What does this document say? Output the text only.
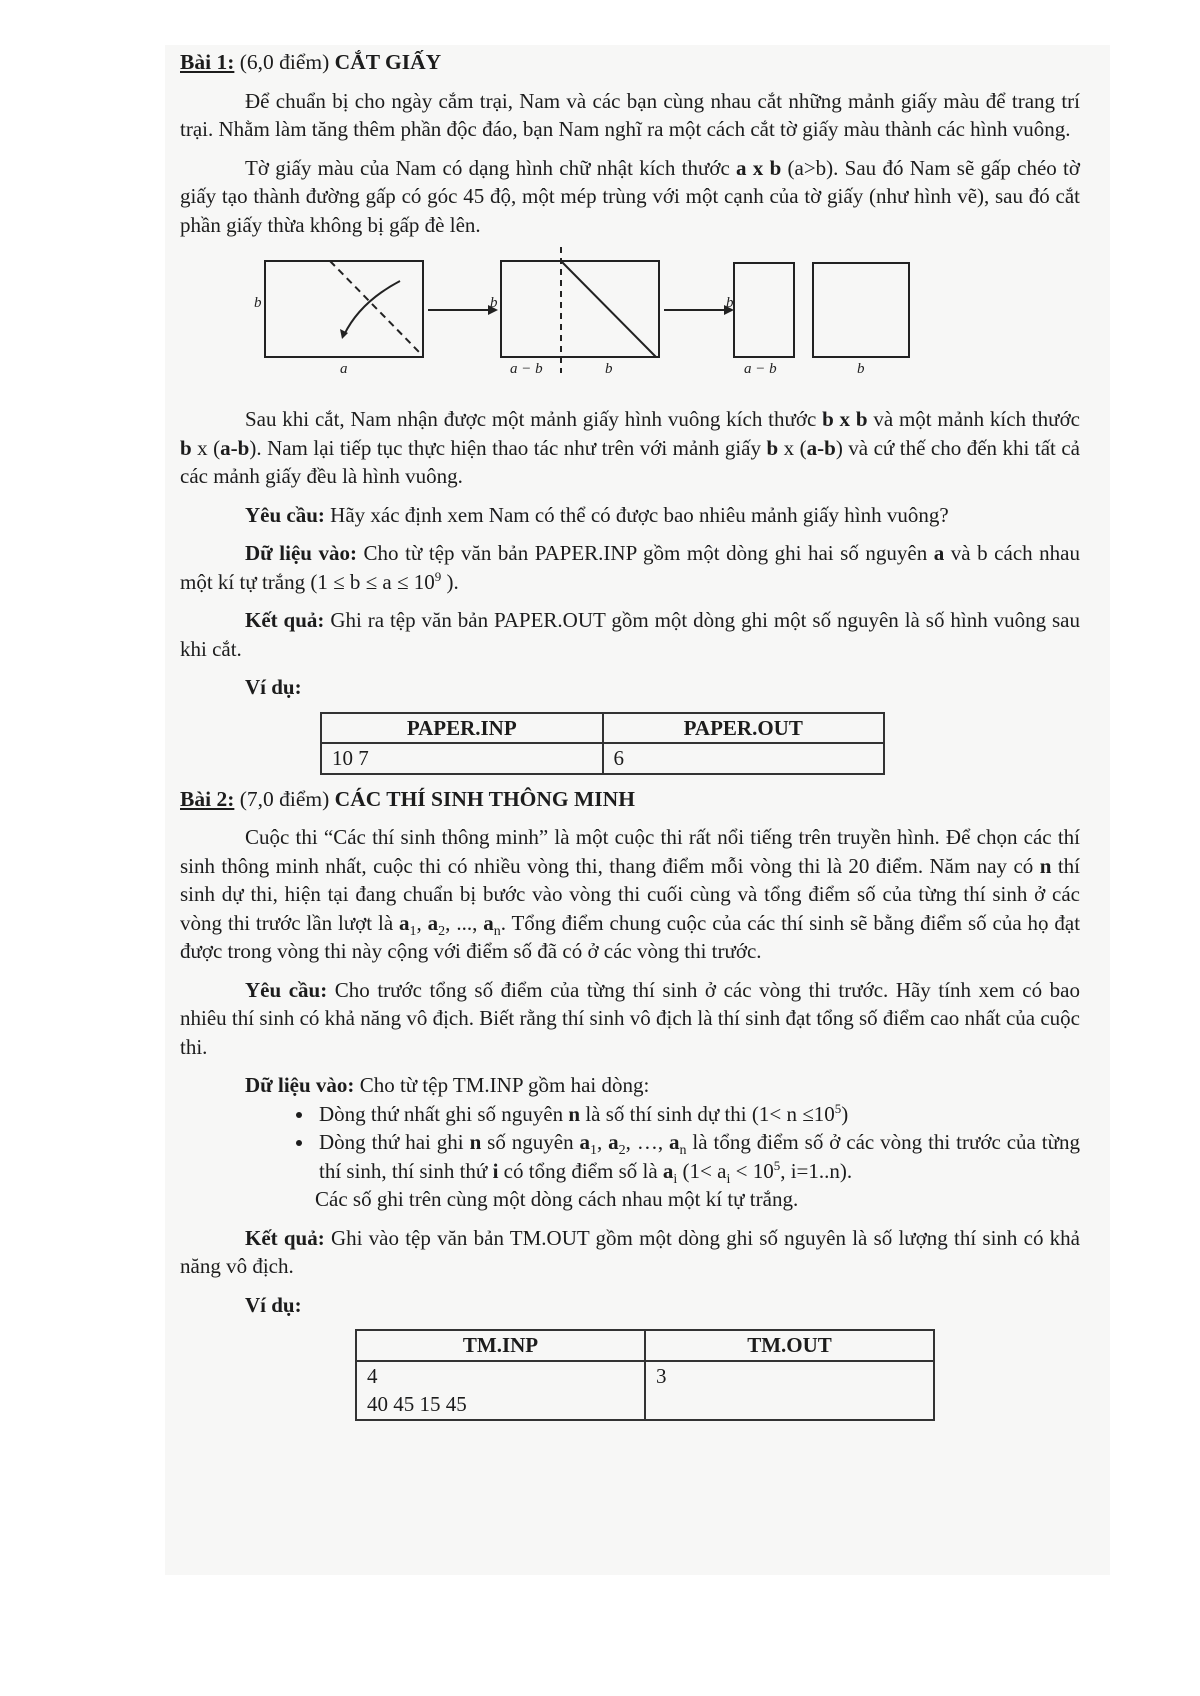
Bài 1: (6,0 điểm) CẮT GIẤY

Để chuẩn bị cho ngày cắm trại, Nam và các bạn cùng nhau cắt những mảnh giấy màu để trang trí trại. Nhằm làm tăng thêm phần độc đáo, bạn Nam nghĩ ra một cách cắt tờ giấy màu thành các hình vuông.

Tờ giấy màu của Nam có dạng hình chữ nhật kích thước a x b (a>b). Sau đó Nam sẽ gấp chéo tờ giấy tạo thành đường gấp có góc 45 độ, một mép trùng với một cạnh của tờ giấy (như hình vẽ), sau đó cắt phần giấy thừa không bị gấp đè lên.

b
a
b
a − b	b
b
a − b	b

Sau khi cắt, Nam nhận được một mảnh giấy hình vuông kích thước b x b và một mảnh kích thước b x (a-b). Nam lại tiếp tục thực hiện thao tác như trên với mảnh giấy b x (a-b) và cứ thế cho đến khi tất cả các mảnh giấy đều là hình vuông.

Yêu cầu: Hãy xác định xem Nam có thể có được bao nhiêu mảnh giấy hình vuông?

Dữ liệu vào: Cho từ tệp văn bản PAPER.INP gồm một dòng ghi hai số nguyên a và b cách nhau một kí tự trắng ($1 \le b \le a \le 10^9$ ).

Kết quả: Ghi ra tệp văn bản PAPER.OUT gồm một dòng ghi một số nguyên là số hình vuông sau khi cắt.

Ví dụ:

PAPER.INP	PAPER.OUT
10 7	6

Bài 2: (7,0 điểm) CÁC THÍ SINH THÔNG MINH

Cuộc thi “Các thí sinh thông minh” là một cuộc thi rất nổi tiếng trên truyền hình. Để chọn các thí sinh thông minh nhất, cuộc thi có nhiều vòng thi, thang điểm mỗi vòng thi là 20 điểm. Năm nay có n thí sinh dự thi, hiện tại đang chuẩn bị bước vào vòng thi cuối cùng và tổng điểm số của từng thí sinh ở các vòng thi trước lần lượt là $a_1$, $a_2$, ..., $a_n$. Tổng điểm chung cuộc của các thí sinh sẽ bằng điểm số của họ đạt được trong vòng thi này cộng với điểm số đã có ở các vòng thi trước.

Yêu cầu: Cho trước tổng số điểm của từng thí sinh ở các vòng thi trước. Hãy tính xem có bao nhiêu thí sinh có khả năng vô địch. Biết rằng thí sinh vô địch là thí sinh đạt tổng số điểm cao nhất của cuộc thi.

Dữ liệu vào: Cho từ tệp TM.INP gồm hai dòng:

• Dòng thứ nhất ghi số nguyên n là số thí sinh dự thi $(1< n \le 10^5)$
• Dòng thứ hai ghi n số nguyên $a_1$, $a_2$, …, $a_n$ là tổng điểm số ở các vòng thi trước của từng thí sinh, thí sinh thứ i có tổng điểm số là $a_i$ ($1< a_i < 10^5$, i=1..n).

Các số ghi trên cùng một dòng cách nhau một kí tự trắng.

Kết quả: Ghi vào tệp văn bản TM.OUT gồm một dòng ghi số nguyên là số lượng thí sinh có khả năng vô địch.

Ví dụ:

TM.INP	TM.OUT

4
40 45 15 45	3
